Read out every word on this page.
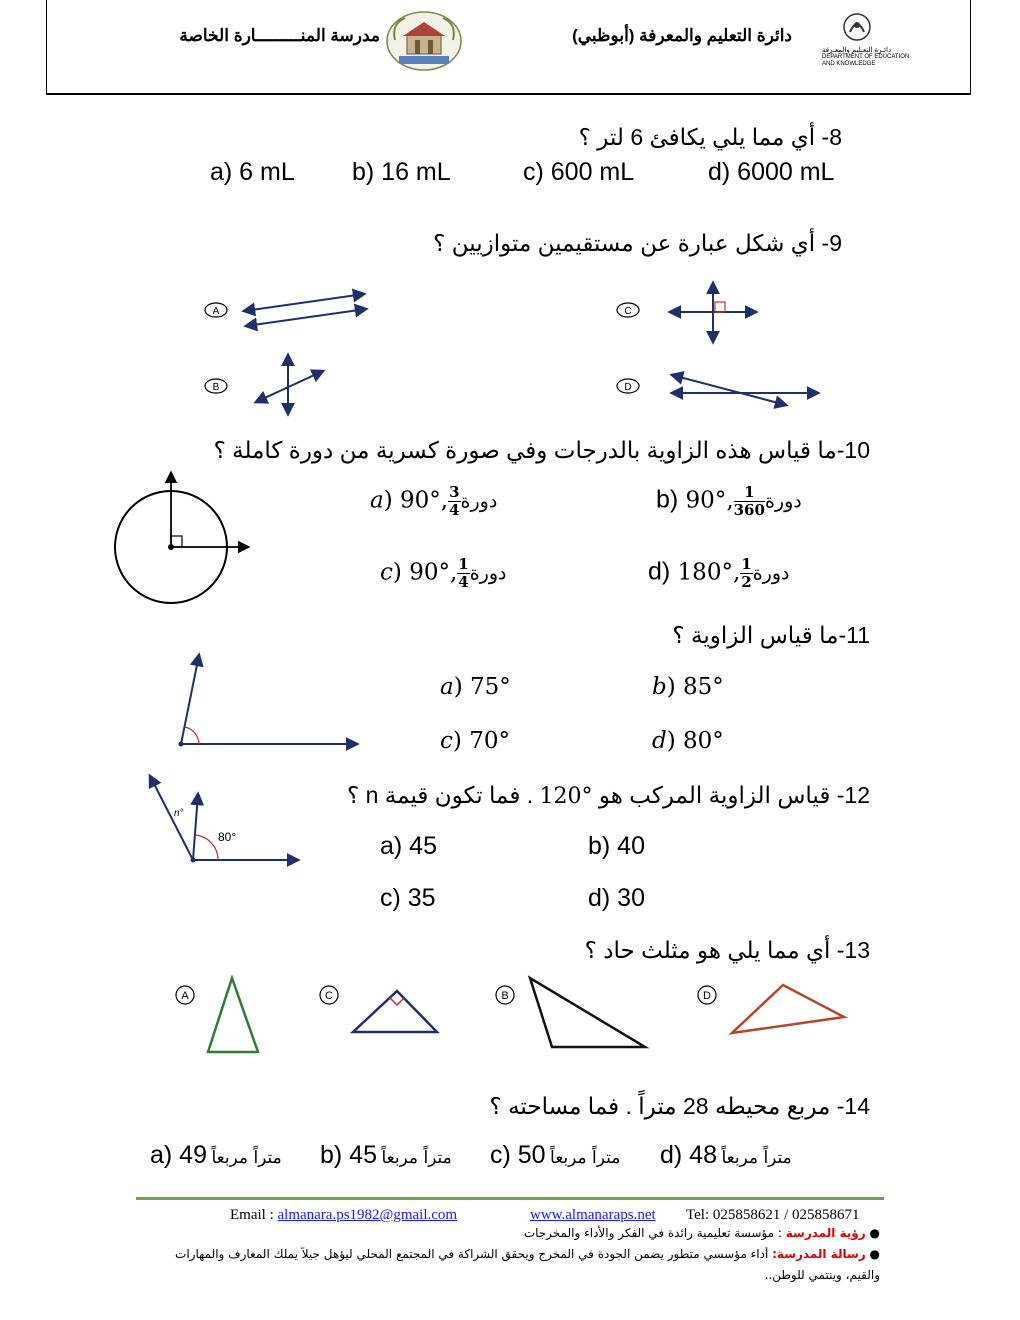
مدرسة المنـــــــــارة الخاصة	دائرة التعليم والمعرفة (أبوظبي)
دائـرة التعـليم والمعـرفة
DEPARTMENT OF EDUCATION
AND KNOWLEDGE
8- أي مما يلي يكافئ 6 لتر ؟
a) 6 mL b) 16 mL	c) 600 mL	d) 6000 mL
9- أي شكل عبارة عن مستقيمين متوازيين ؟
A
B
C
D
10-ما قياس هذه الزاوية بالدرجات وفي صورة كسرية من دورة كاملة ؟
a) 90°, $\frac{3}{4}$ دورة	b) 90°, $\frac{1}{360}$ دورة
c) 90°, $\frac{1}{4}$ دورة	d) 180°, $\frac{1}{2}$ دورة
11-ما قياس الزاوية ؟
a) 75°	b) 85°
c) 70°	d) 80°
12- قياس الزاوية المركب هو 120° . فما تكون قيمة n ؟
n°
80°	a) 45	b) 40
c) 35	d) 30
13- أي مما يلي هو مثلث حاد ؟
A	C	B	D
14- مربع محيطه 28 متراً . فما مساحته ؟
a) 49 متراً مربعاً b) 45 متراً مربعاً c) 50 متراً مربعاً d) 48 متراً مربعاً
Email : almanara.ps1982@gmail.com	www.almanaraps.net Tel: 025858621 / 025858671
● رؤية المدرسة : مؤسسة تعليمية رائدة في الفكر والأداء والمخرجات
● رسالة المدرسة: أداء مؤسسي متطور يضمن الجودة في المخرج ويحقق الشراكة في المجتمع المحلي ليؤهل جيلاً يملك المعارف والمهارات
والقيم، وينتمي للوطن..
